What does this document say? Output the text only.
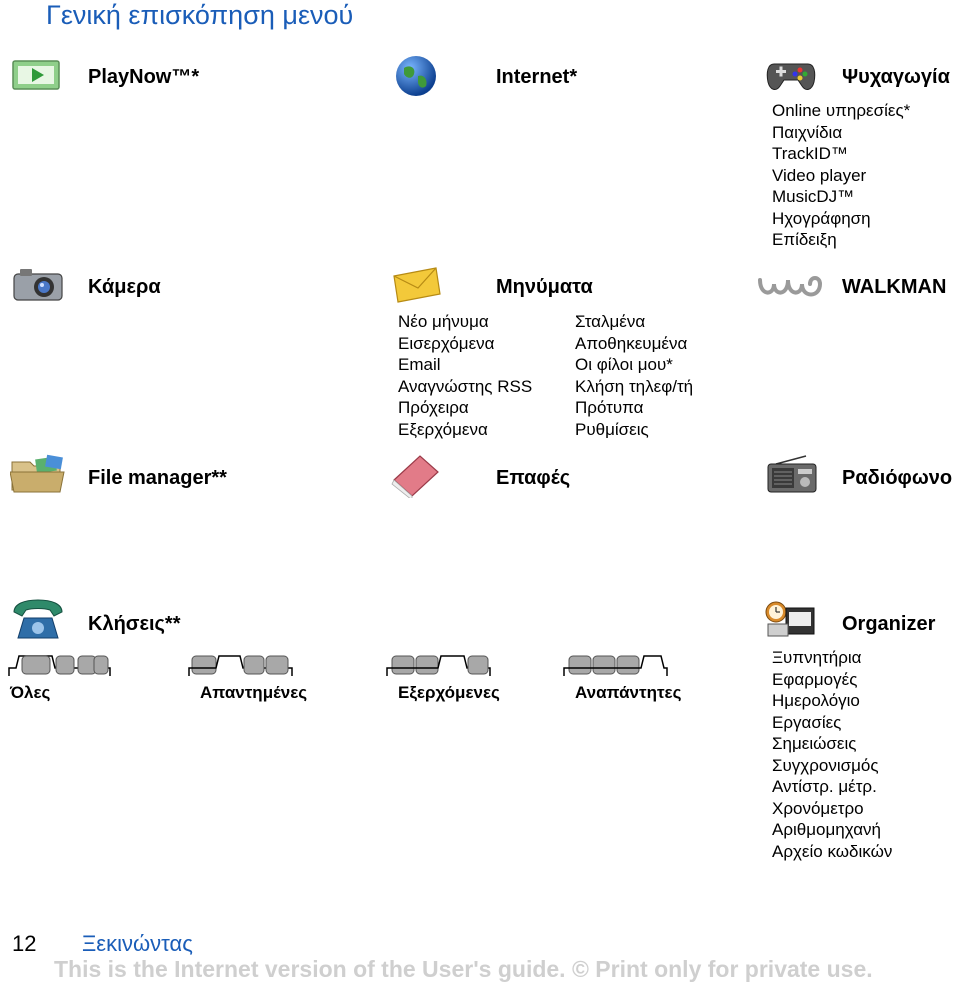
Γενική επισκόπηση μενού
PlayNow™*	Internet*	Ψυχαγωγία
Online υπηρεσίες*
Παιχνίδια
TrackID™
Video player
MusicDJ™
Ηχογράφηση
Επίδειξη
Κάμερα	Μηνύματα
Νέο μήνυμα
Εισερχόμενα
Email
Αναγνώστης RSS
Πρόχειρα
Εξερχόμενα
Σταλμένα
Αποθηκευμένα
Οι φίλοι μου*
Κλήση τηλεφ/τή
Πρότυπα
Ρυθμίσεις
WALKMAN
File manager**	Επαφές	Ραδιόφωνο
Κλήσεις**
Όλες	Απαντημένες	Εξερχόμενες	Αναπάντητες
Organizer
Ξυπνητήρια
Εφαρμογές
Ημερολόγιο
Εργασίες
Σημειώσεις
Συγχρονισμός
Αντίστρ. μέτρ.
Χρονόμετρο
Αριθμομηχανή
Αρχείο κωδικών
12 Ξεκινώντας
This is the Internet version of the User's guide. © Print only for private use.
